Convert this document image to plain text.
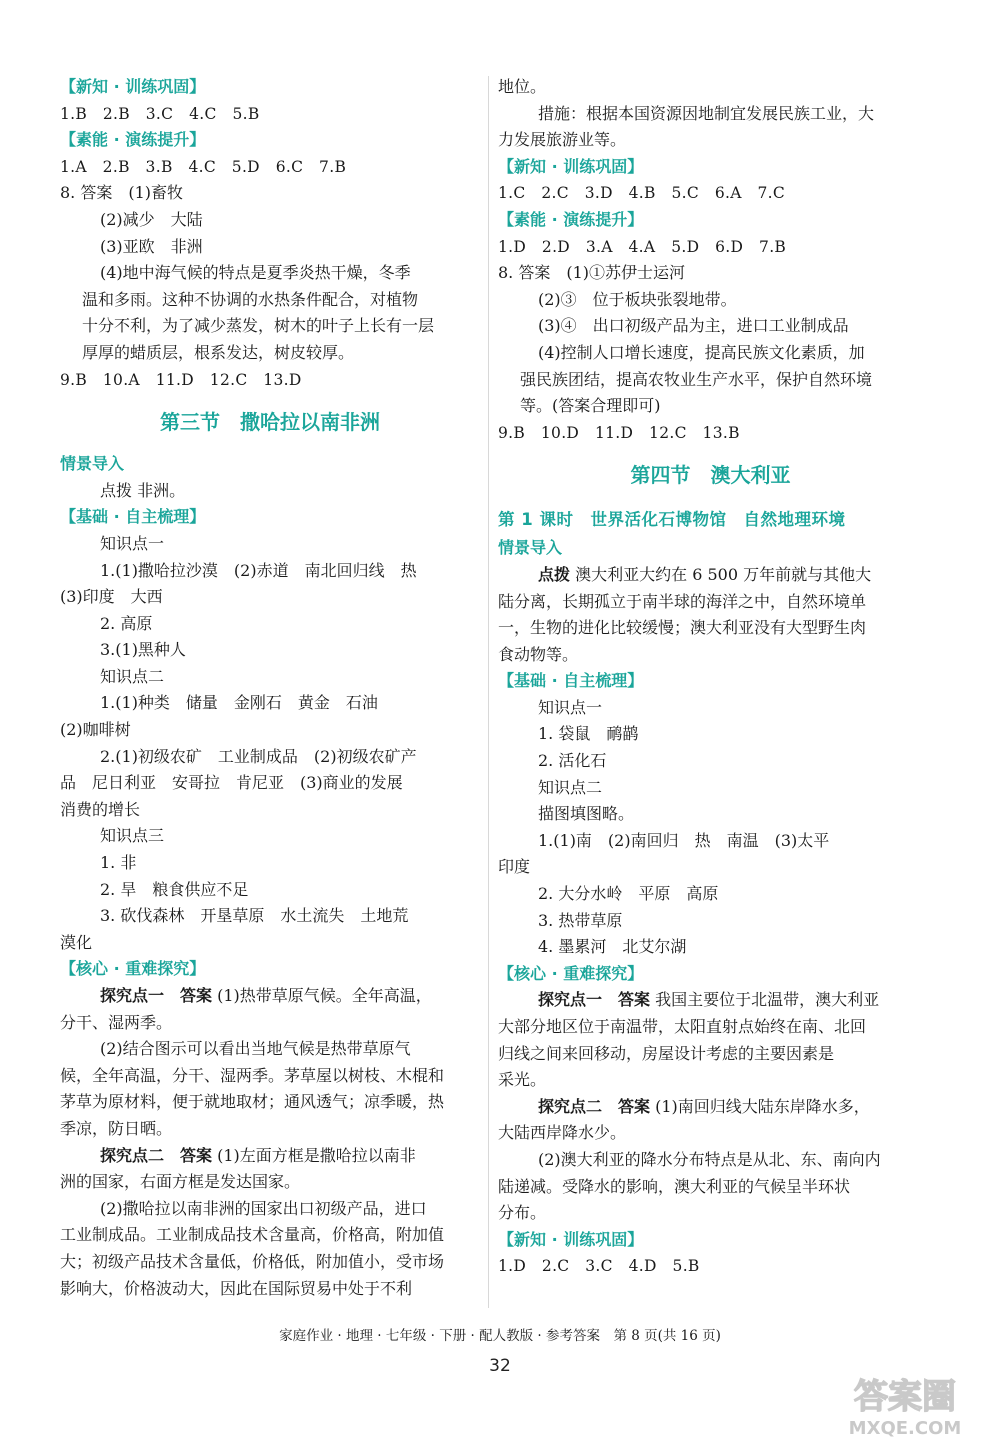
【新知 · 训练巩固】
1.B　2.B　3.C　4.C　5.B
【素能 · 演练提升】
1.A　2.B　3.B　4.C　5.D　6.C　7.B
8. 答案　(1)畜牧
(2)减少　大陆
(3)亚欧　非洲
(4)地中海气候的特点是夏季炎热干燥，冬季
温和多雨。这种不协调的水热条件配合，对植物
十分不利，为了减少蒸发，树木的叶子上长有一层
厚厚的蜡质层，根系发达，树皮较厚。
9.B　10.A　11.D　12.C　13.D
第三节　撒哈拉以南非洲
情景导入
点拨 非洲。
【基础 · 自主梳理】
知识点一
1.(1)撒哈拉沙漠　(2)赤道　南北回归线　热
(3)印度　大西
2. 高原
3.(1)黑种人
知识点二
1.(1)种类　储量　金刚石　黄金　石油
(2)咖啡树
2.(1)初级农矿　工业制成品　(2)初级农矿产
品　尼日利亚　安哥拉　肯尼亚　(3)商业的发展
消费的增长
知识点三
1. 非
2. 旱　粮食供应不足
3. 砍伐森林　开垦草原　水土流失　土地荒
漠化
【核心 · 重难探究】
探究点一　答案 (1)热带草原气候。全年高温，
分干、湿两季。
(2)结合图示可以看出当地气候是热带草原气
候，全年高温，分干、湿两季。茅草屋以树枝、木棍和
茅草为原材料，便于就地取材；通风透气；凉季暖，热
季凉，防日晒。
探究点二　答案 (1)左面方框是撒哈拉以南非
洲的国家，右面方框是发达国家。
(2)撒哈拉以南非洲的国家出口初级产品，进口
工业制成品。工业制成品技术含量高，价格高，附加值
大；初级产品技术含量低，价格低，附加值小，受市场
影响大，价格波动大，因此在国际贸易中处于不利
地位。
措施：根据本国资源因地制宜发展民族工业，大
力发展旅游业等。
【新知 · 训练巩固】
1.C　2.C　3.D　4.B　5.C　6.A　7.C
【素能 · 演练提升】
1.D　2.D　3.A　4.A　5.D　6.D　7.B
8. 答案　(1)①苏伊士运河
(2)③　位于板块张裂地带。
(3)④　出口初级产品为主，进口工业制成品
(4)控制人口增长速度，提高民族文化素质，加
强民族团结，提高农牧业生产水平，保护自然环境
等。(答案合理即可)
9.B　10.D　11.D　12.C　13.B
第四节　澳大利亚
第 1 课时　世界活化石博物馆　自然地理环境
情景导入
点拨 澳大利亚大约在 6 500 万年前就与其他大
陆分离，长期孤立于南半球的海洋之中，自然环境单
一，生物的进化比较缓慢；澳大利亚没有大型野生肉
食动物等。
【基础 · 自主梳理】
知识点一
1. 袋鼠　鸸鹋
2. 活化石
知识点二
描图填图略。
1.(1)南　(2)南回归　热　南温　(3)太平
印度
2. 大分水岭　平原　高原
3. 热带草原
4. 墨累河　北艾尔湖
【核心 · 重难探究】
探究点一　答案 我国主要位于北温带，澳大利亚
大部分地区位于南温带，太阳直射点始终在南、北回
归线之间来回移动，房屋设计考虑的主要因素是
采光。
探究点二　答案 (1)南回归线大陆东岸降水多，
大陆西岸降水少。
(2)澳大利亚的降水分布特点是从北、东、南向内
陆递减。受降水的影响，澳大利亚的气候呈半环状
分布。
【新知 · 训练巩固】
1.D　2.C　3.C　4.D　5.B
家庭作业 · 地理 · 七年级 · 下册 · 配人教版 · 参考答案　第 8 页(共 16 页)
32
答案圈
MXQE.COM
